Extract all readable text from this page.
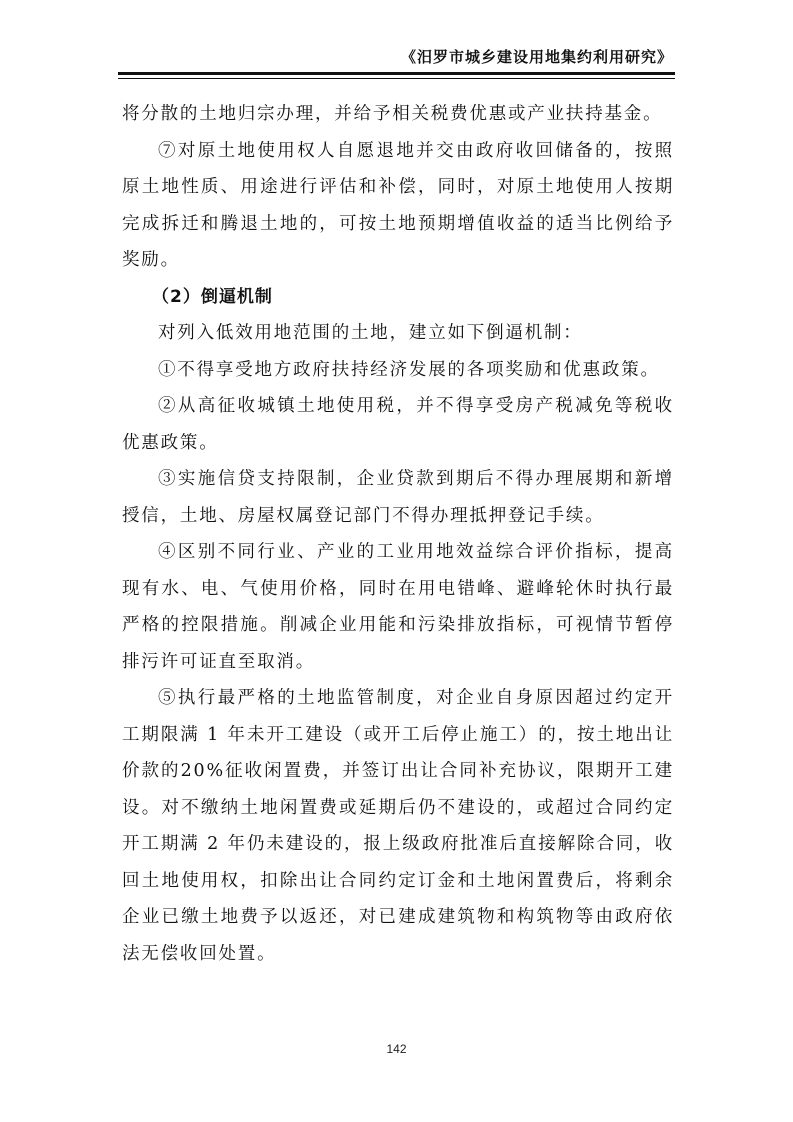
《汨罗市城乡建设用地集约利用研究》

将分散的土地归宗办理，并给予相关税费优惠或产业扶持基金。

⑦对原土地使用权人自愿退地并交由政府收回储备的，按照原土地性质、用途进行评估和补偿，同时，对原土地使用人按期完成拆迁和腾退土地的，可按土地预期增值收益的适当比例给予奖励。

（2）倒逼机制

对列入低效用地范围的土地，建立如下倒逼机制：

①不得享受地方政府扶持经济发展的各项奖励和优惠政策。

②从高征收城镇土地使用税，并不得享受房产税减免等税收优惠政策。

③实施信贷支持限制，企业贷款到期后不得办理展期和新增授信，土地、房屋权属登记部门不得办理抵押登记手续。

④区别不同行业、产业的工业用地效益综合评价指标，提高现有水、电、气使用价格，同时在用电错峰、避峰轮休时执行最严格的控限措施。削减企业用能和污染排放指标，可视情节暂停排污许可证直至取消。

⑤执行最严格的土地监管制度，对企业自身原因超过约定开工期限满 1 年未开工建设（或开工后停止施工）的，按土地出让价款的20%征收闲置费，并签订出让合同补充协议，限期开工建设。对不缴纳土地闲置费或延期后仍不建设的，或超过合同约定开工期满 2 年仍未建设的，报上级政府批准后直接解除合同，收回土地使用权，扣除出让合同约定订金和土地闲置费后，将剩余企业已缴土地费予以返还，对已建成建筑物和构筑物等由政府依法无偿收回处置。

142
